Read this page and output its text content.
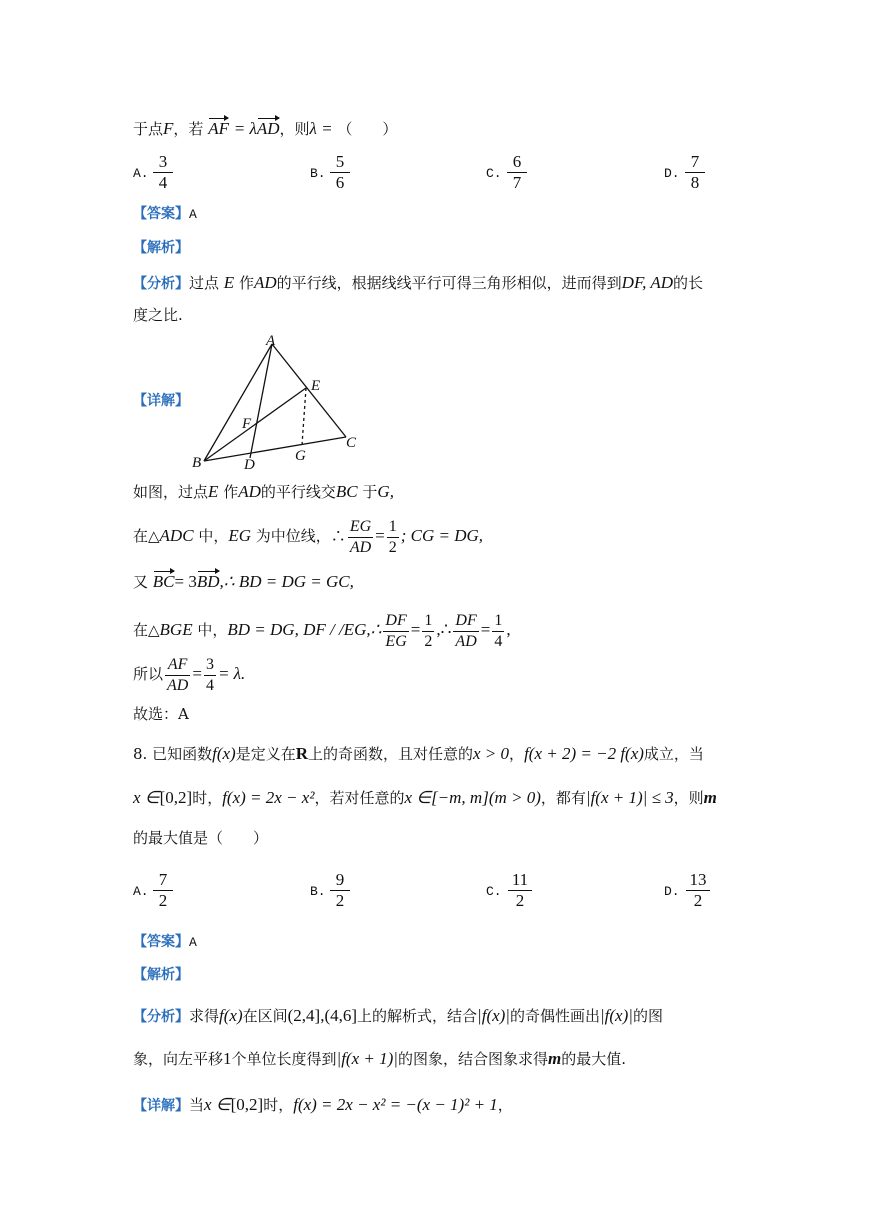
于点F，若 AF = λAD，则λ = （　　）
A. $\frac{3}{4}$	B. $\frac{5}{6}$	C. $\frac{6}{7}$	D. $\frac{7}{8}$
【答案】A
【解析】
【分析】过点 E 作AD的平行线，根据线线平行可得三角形相似，进而得到DF, AD的长
度之比.
【详解】
A
B
C
D
E
F
G
如图，过点E 作AD的平行线交BC 于G,
在△ADC 中，EG 为中位线，∴ $\frac{EG}{AD} = \frac{1}{2}$ ; CG = DG,
又 BC= 3BD,∴ BD = DG = GC,
在△BGE 中，BD = DG, DF / /EG,∴ $\frac{DF}{EG} = \frac{1}{2}$ ,∴ $\frac{DF}{AD} = \frac{1}{4}$ ,
所以 $\frac{AF}{AD} = \frac{3}{4} = \lambda$.
故选：A
8. 已知函数f(x)是定义在R上的奇函数，且对任意的x > 0，f(x + 2) = −2 f(x)成立，当
x ∈[0,2]时，f(x) = 2x − x²，若对任意的x ∈[−m, m](m > 0)，都有|f(x + 1)| ≤ 3，则m
的最大值是（　　）
A. $\frac{7}{2}$	B. $\frac{9}{2}$	C. $\frac{11}{2}$	D. $\frac{13}{2}$
【答案】A
【解析】
【分析】求得f(x)在区间(2,4],(4,6]上的解析式，结合|f(x)|的奇偶性画出|f(x)|的图
象，向左平移1个单位长度得到|f(x + 1)|的图象，结合图象求得m的最大值.
【详解】当x ∈[0,2]时，f(x) = 2x − x² = −(x − 1)² + 1，
